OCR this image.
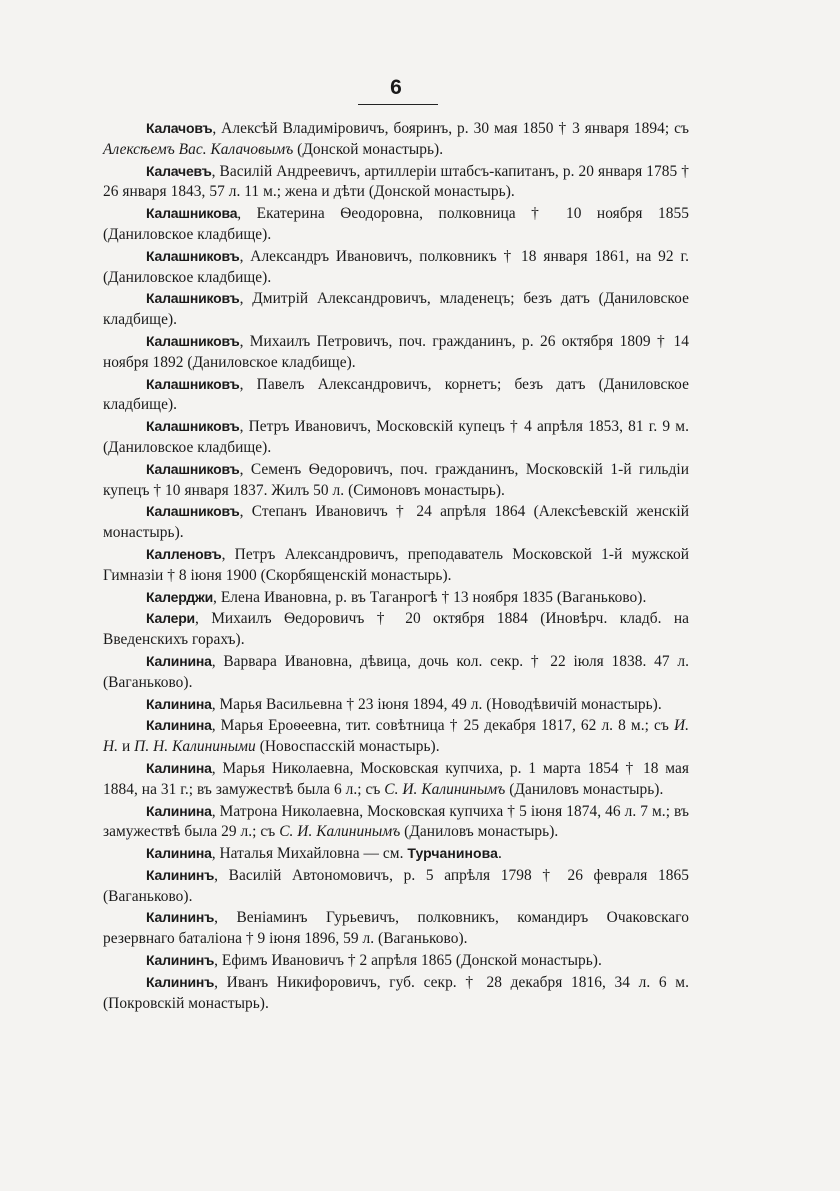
6

Калачовъ, Алексѣй Владиміровичъ, бояринъ, р. 30 мая 1850 † 3 января 1894; съ Алексѣемъ Вас. Калачовымъ (Донской монастырь).

Калачевъ, Василій Андреевичъ, артиллеріи штабсъ-капитанъ, р. 20 января 1785 † 26 января 1843, 57 л. 11 м.; жена и дѣти (Донской монастырь).

Калашникова, Екатерина Ѳеодоровна, полковница † 10 ноября 1855 (Даниловское кладбище).

Калашниковъ, Александръ Ивановичъ, полковникъ † 18 января 1861, на 92 г. (Даниловское кладбище).

Калашниковъ, Дмитрій Александровичъ, младенецъ; безъ датъ (Даниловское кладбище).

Калашниковъ, Михаилъ Петровичъ, поч. гражданинъ, р. 26 октября 1809 † 14 ноября 1892 (Даниловское кладбище).

Калашниковъ, Павелъ Александровичъ, корнетъ; безъ датъ (Даниловское кладбище).

Калашниковъ, Петръ Ивановичъ, Московскій купецъ † 4 апрѣля 1853, 81 г. 9 м. (Даниловское кладбище).

Калашниковъ, Семенъ Ѳедоровичъ, поч. гражданинъ, Московскій 1-й гильдіи купецъ † 10 января 1837. Жилъ 50 л. (Симоновъ монастырь).

Калашниковъ, Степанъ Ивановичъ † 24 апрѣля 1864 (Алексѣевскій женскій монастырь).

Калленовъ, Петръ Александровичъ, преподаватель Московской 1-й мужской Гимназіи † 8 іюня 1900 (Скорбященскій монастырь).

Калерджи, Елена Ивановна, р. въ Таганрогѣ † 13 ноября 1835 (Ваганьково).

Калери, Михаилъ Ѳедоровичъ † 20 октября 1884 (Иновѣрч. кладб. на Введенскихъ горахъ).

Калинина, Варвара Ивановна, дѣвица, дочь кол. секр. † 22 іюля 1838. 47 л. (Ваганьково).

Калинина, Марья Васильевна † 23 іюня 1894, 49 л. (Новодѣвичій монастырь).

Калинина, Марья Ероѳеевна, тит. совѣтница † 25 декабря 1817, 62 л. 8 м.; съ И. Н. и П. Н. Калиниными (Новоспасскій монастырь).

Калинина, Марья Николаевна, Московская купчиха, р. 1 марта 1854 † 18 мая 1884, на 31 г.; въ замужествѣ была 6 л.; съ С. И. Калининымъ (Даниловъ монастырь).

Калинина, Матрона Николаевна, Московская купчиха † 5 іюня 1874, 46 л. 7 м.; въ замужествѣ была 29 л.; съ С. И. Калининымъ (Даниловъ монастырь).

Калинина, Наталья Михайловна — см. Турчанинова.

Калининъ, Василій Автономовичъ, р. 5 апрѣля 1798 † 26 февраля 1865 (Ваганьково).

Калининъ, Веніаминъ Гурьевичъ, полковникъ, командиръ Очаковскаго резервнаго баталіона † 9 іюня 1896, 59 л. (Ваганьково).

Калининъ, Ефимъ Ивановичъ † 2 апрѣля 1865 (Донской монастырь).

Калининъ, Иванъ Никифоровичъ, губ. секр. † 28 декабря 1816, 34 л. 6 м. (Покровскій монастырь).
